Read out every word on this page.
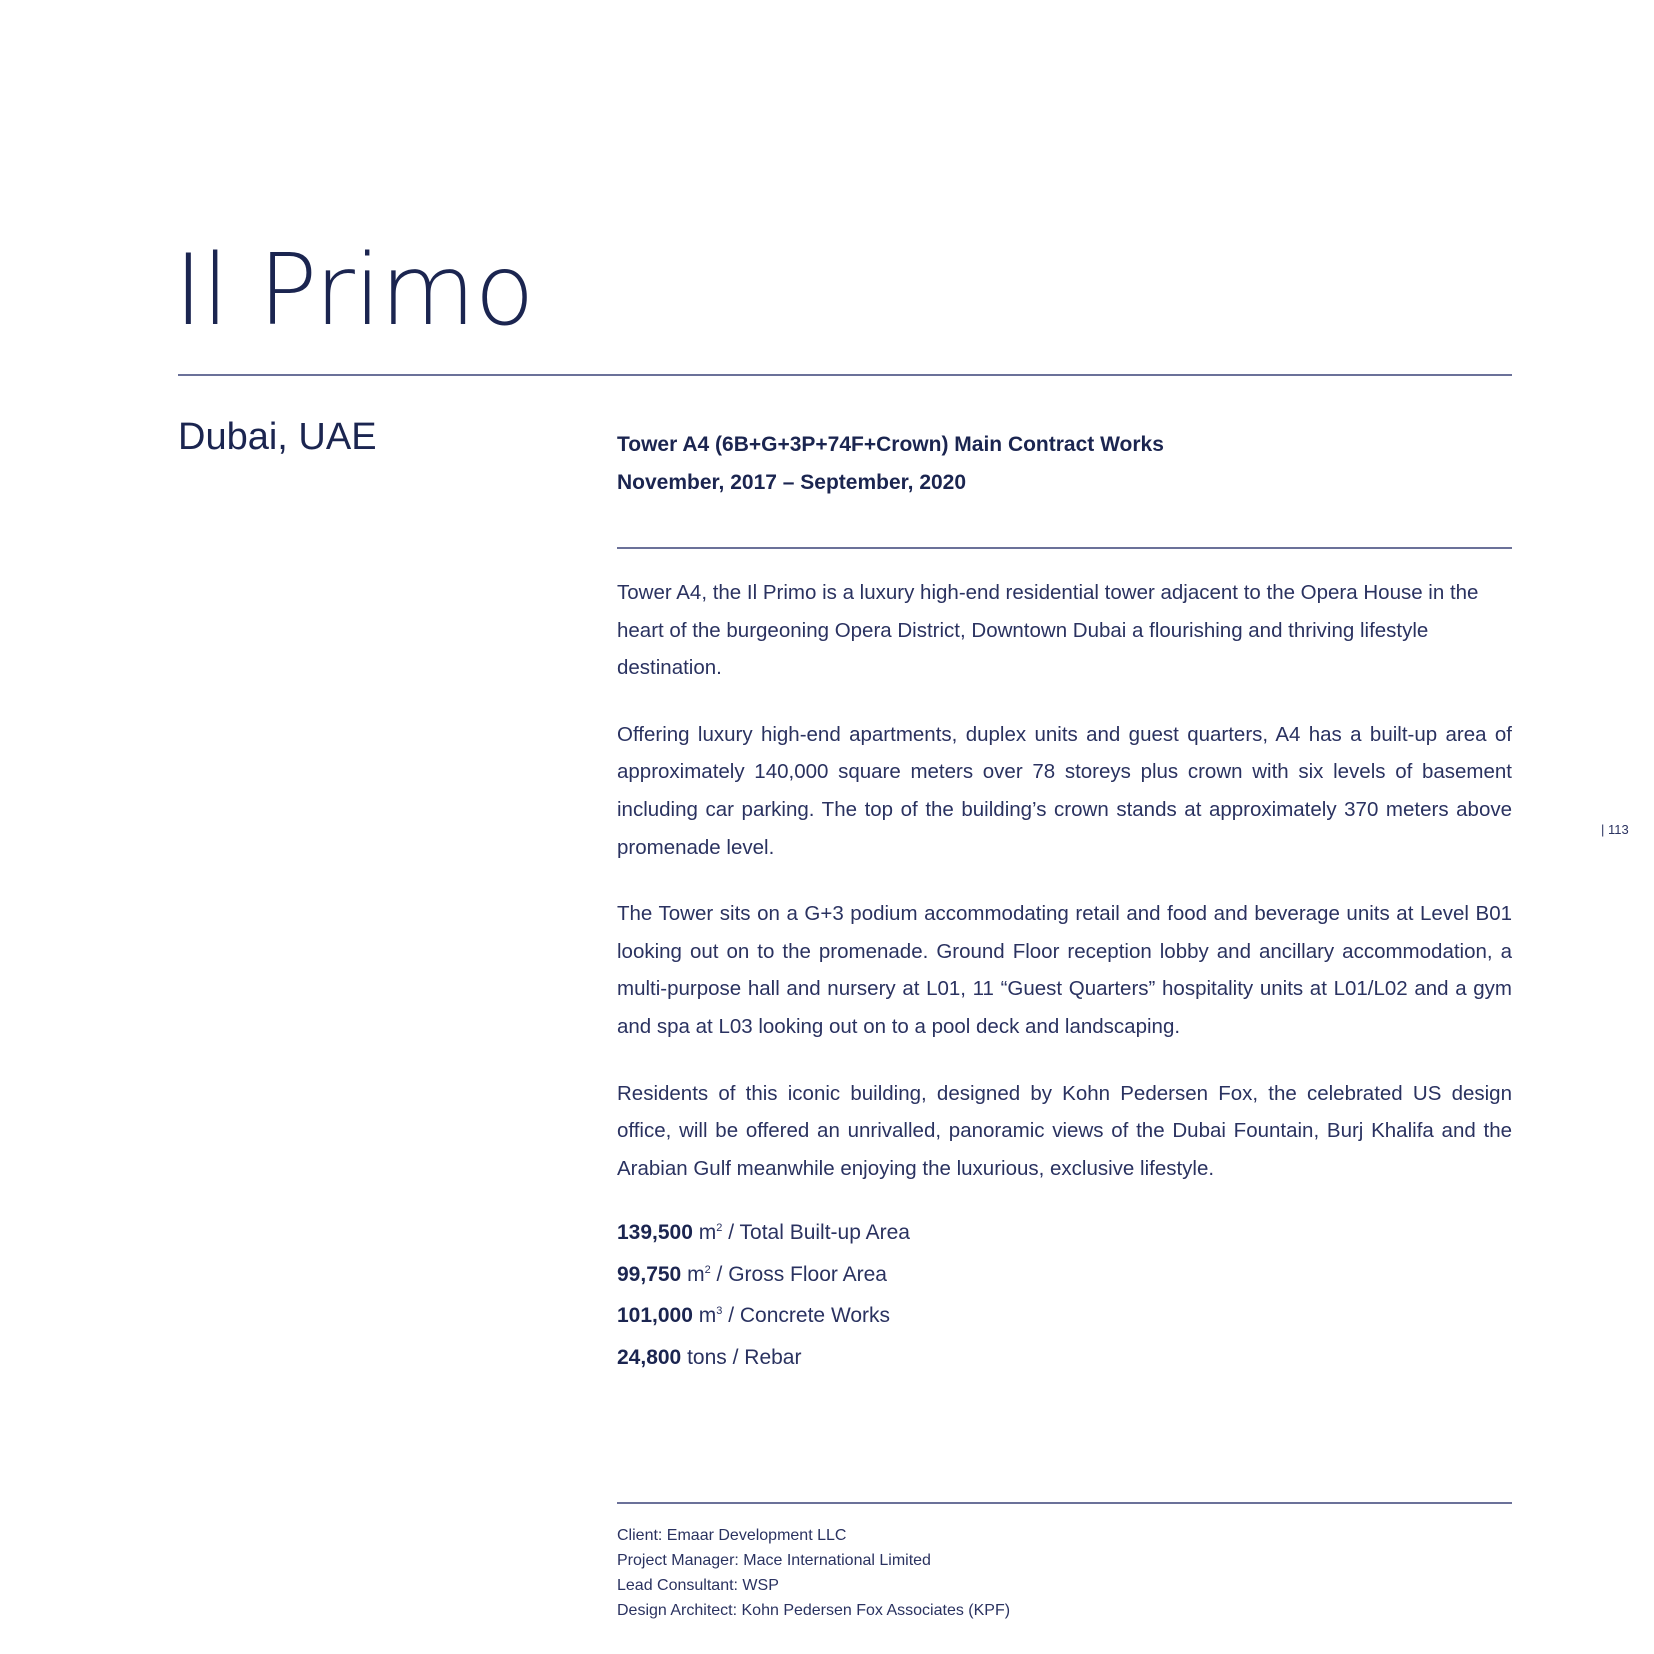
Il Primo
Dubai, UAE	Tower A4 (6B+G+3P+74F+Crown) Main Contract Works
November, 2017 – September, 2020

Tower A4, the Il Primo is a luxury high-end residential tower adjacent to the Opera House in the heart of the burgeoning Opera District, Downtown Dubai a flourishing and thriving lifestyle destination.

Offering luxury high-end apartments, duplex units and guest quarters, A4 has a built-up area of approximately 140,000 square meters over 78 storeys plus crown with six levels of basement including car parking. The top of the building’s crown stands at approximately 370 meters above promenade level.

The Tower sits on a G+3 podium accommodating retail and food and beverage units at Level B01 looking out on to the promenade. Ground Floor reception lobby and ancillary accommodation, a multi-purpose hall and nursery at L01, 11 “Guest Quarters” hospitality units at L01/L02 and a gym and spa at L03 looking out on to a pool deck and landscaping.

Residents of this iconic building, designed by Kohn Pedersen Fox, the celebrated US design office, will be offered an unrivalled, panoramic views of the Dubai Fountain, Burj Khalifa and the Arabian Gulf meanwhile enjoying the luxurious, exclusive lifestyle.

139,500 $m^2$ / Total Built-up Area
99,750 $m^2$ / Gross Floor Area
101,000 $m^3$ / Concrete Works
24,800 tons / Rebar
Client: Emaar Development LLC
Project Manager: Mace International Limited
Lead Consultant: WSP
Design Architect: Kohn Pedersen Fox Associates (KPF)
| 113
